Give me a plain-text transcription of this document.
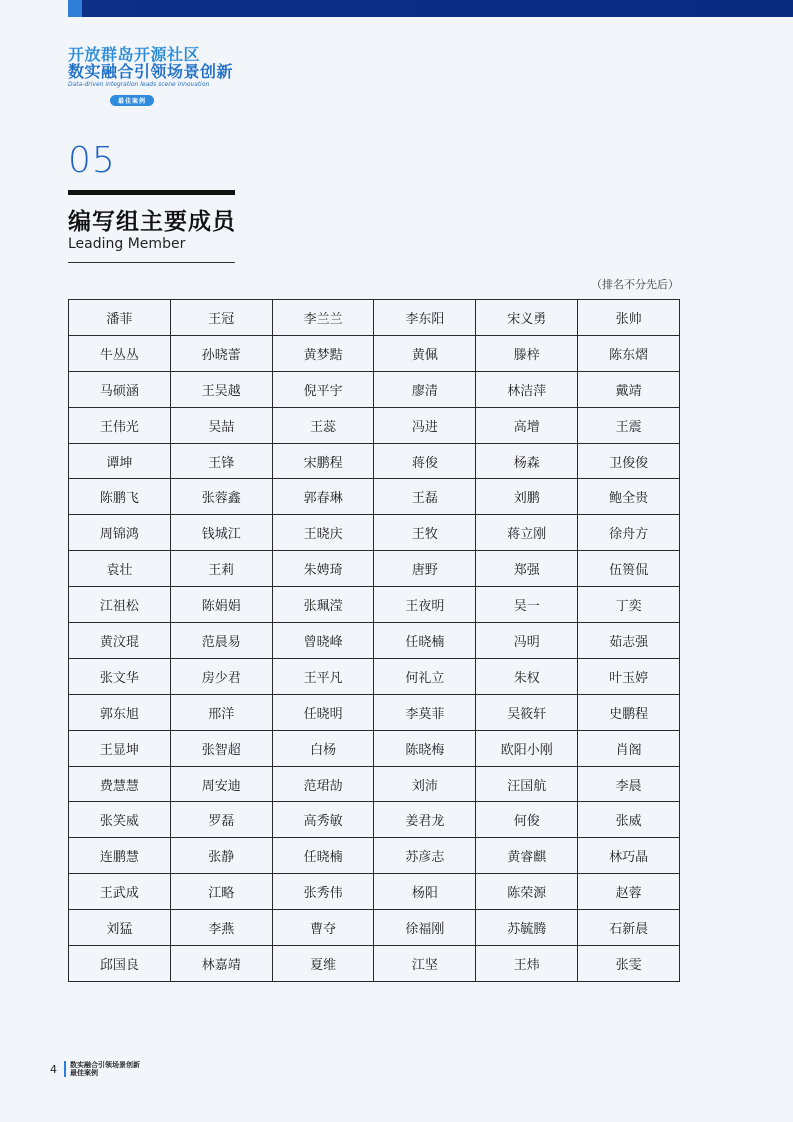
开放群岛开源社区
数实融合引领场景创新
Data-driven integration leads scene innovation
最佳案例
05
编写组主要成员
Leading Member
（排名不分先后）
潘菲	王冠	李兰兰	李东阳	宋义勇	张帅
牛丛丛	孙晓蕾	黄梦黠	黄佩	滕梓	陈东熠
马硕涵	王吴越	倪平宇	廖清	林洁萍	戴靖
王伟光	吴喆	王蕊	冯进	高增	王震
谭坤	王锋	宋鹏程	蒋俊	杨森	卫俊俊
陈鹏飞	张蓉鑫	郭春琳	王磊	刘鹏	鲍全贵
周锦鸿	钱城江	王晓庆	王牧	蒋立刚	徐舟方
袁壮	王莉	朱娉琦	唐野	郑强	伍篑侃
江祖松	陈娟娟	张珮滢	王夜明	吴一	丁奕
黄汶琨	范晨易	曾晓峰	任晓楠	冯明	茹志强
张文华	房少君	王平凡	何礼立	朱权	叶玉婷
郭东旭	邢洋	任晓明	李莫菲	吴筱轩	史鹏程
王显坤	张智超	白杨	陈晓梅	欧阳小刚	肖阁
费慧慧	周安迪	范珺劼	刘沛	汪国航	李晨
张笑威	罗磊	高秀敏	姜君龙	何俊	张威
连鹏慧	张静	任晓楠	苏彦志	黄睿麒	林巧晶
王武成	江略	张秀伟	杨阳	陈荣源	赵蓉
刘猛	李燕	曹夺	徐福刚	苏毓腾	石新晨
邱国良	林嘉靖	夏维	江坚	王炜	张雯
4	数实融合引领场景创新
最佳案例
